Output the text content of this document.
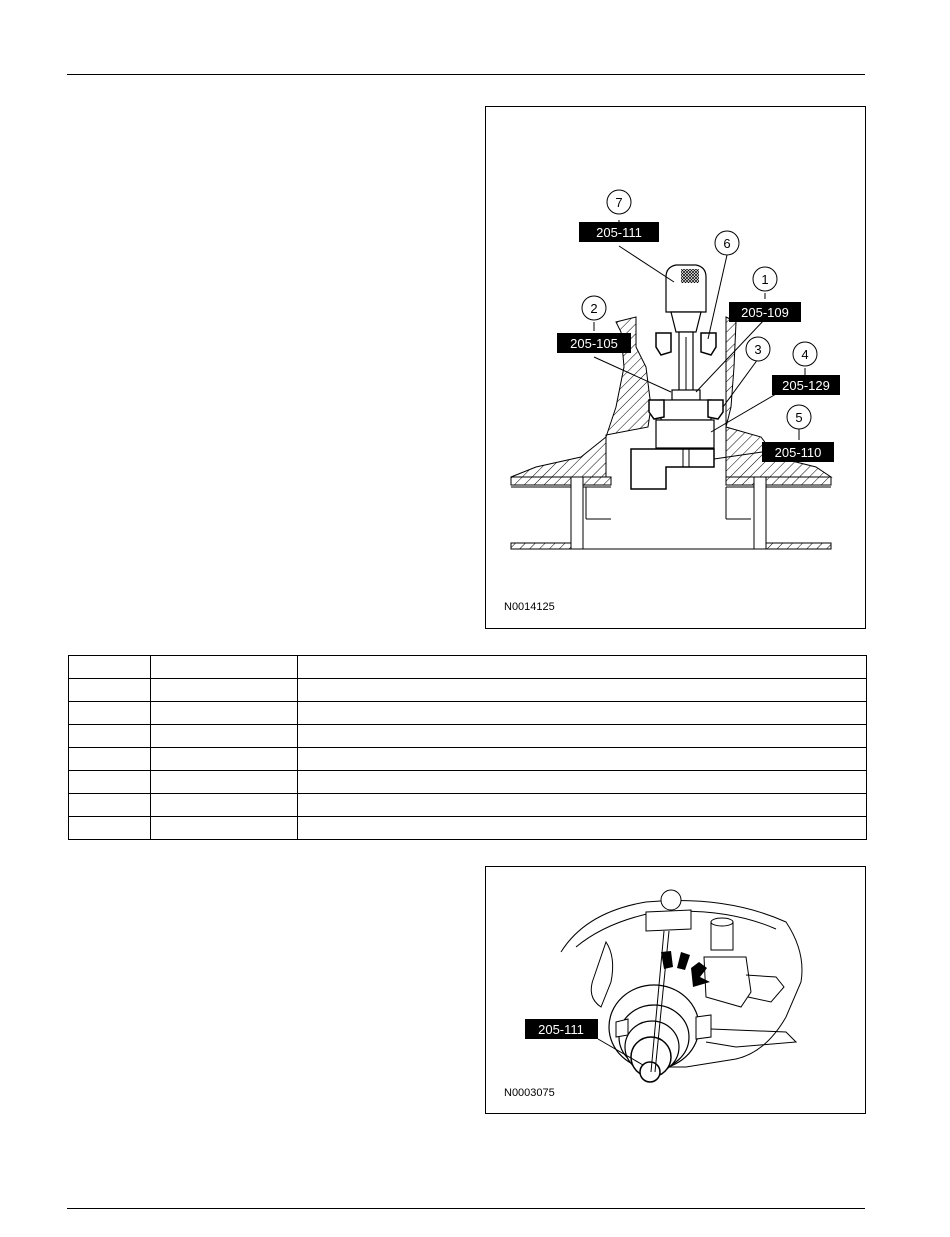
7
205-111
6
1
205-109
2
205-105	3	4
205-129
5
205-110
N0014125

205-111
N0003075
